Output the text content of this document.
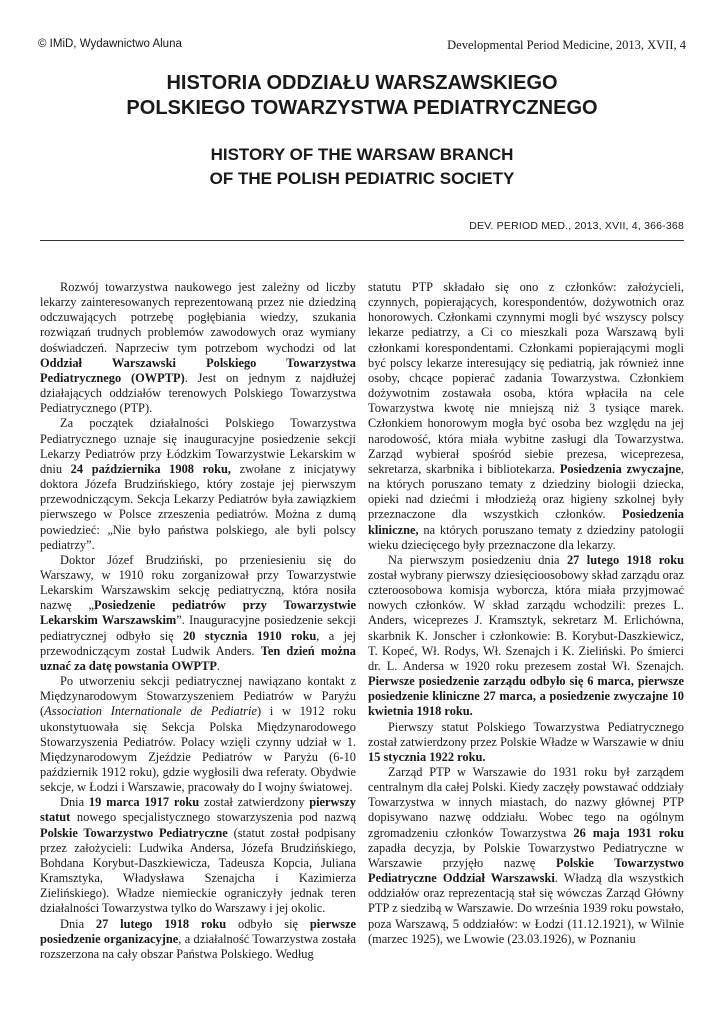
© IMiD, Wydawnictwo Aluna	Developmental Period Medicine, 2013, XVII, 4
HISTORIA ODDZIAŁU WARSZAWSKIEGO
POLSKIEGO TOWARZYSTWA PEDIATRYCZNEGO
HISTORY OF THE WARSAW BRANCH
OF THE POLISH PEDIATRIC SOCIETY
DEV. PERIOD MED., 2013, XVII, 4, 366-368

Rozwój towarzystwa naukowego jest zależny od liczby lekarzy zainteresowanych reprezentowaną przez nie dziedziną odczuwających potrzebę pogłębiania wiedzy, szukania rozwiązań trudnych problemów zawodowych oraz wymiany doświadczeń. Naprzeciw tym potrzebom wychodzi od lat Oddział Warszawski Polskiego Towarzystwa Pediatrycznego (OWPTP). Jest on jednym z najdłużej działających oddziałów terenowych Polskiego Towarzystwa Pediatrycznego (PTP).

Za początek działalności Polskiego Towarzystwa Pediatrycznego uznaje się inauguracyjne posiedzenie sekcji Lekarzy Pediatrów przy Łódzkim Towarzystwie Lekarskim w dniu 24 października 1908 roku, zwołane z inicjatywy doktora Józefa Brudzińskiego, który zostaje jej pierwszym przewodniczącym. Sekcja Lekarzy Pediatrów była zawiązkiem pierwszego w Polsce zrzeszenia pediatrów. Można z dumą powiedzieć: „Nie było państwa polskiego, ale byli polscy pediatrzy”.

Doktor Józef Brudziński, po przeniesieniu się do Warszawy, w 1910 roku zorganizował przy Towarzystwie Lekarskim Warszawskim sekcję pediatryczną, która nosiła nazwę „Posiedzenie pediatrów przy Towarzystwie Lekarskim Warszawskim”. Inauguracyjne posiedzenie sekcji pediatrycznej odbyło się 20 stycznia 1910 roku, a jej przewodniczącym został Ludwik Anders. Ten dzień można uznać za datę powstania OWPTP.

Po utworzeniu sekcji pediatrycznej nawiązano kontakt z Międzynarodowym Stowarzyszeniem Pediatrów w Paryżu (Association Internationale de Pediatrie) i w 1912 roku ukonstytuowała się Sekcja Polska Międzynarodowego Stowarzyszenia Pediatrów. Polacy wzięli czynny udział w 1. Międzynarodowym Zjeździe Pediatrów w Paryżu (6-10 październik 1912 roku), gdzie wygłosili dwa referaty. Obydwie sekcje, w Łodzi i Warszawie, pracowały do I wojny światowej.

Dnia 19 marca 1917 roku został zatwierdzony pierwszy statut nowego specjalistycznego stowarzyszenia pod nazwą Polskie Towarzystwo Pediatryczne (statut został podpisany przez założycieli: Ludwika Andersa, Józefa Brudzińskiego, Bohdana Korybut-Daszkiewicza, Tadeusza Kopcia, Juliana Kramsztyka, Władysława Szenajcha i Kazimierza Zielińskiego). Władze niemieckie ograniczyły jednak teren działalności Towarzystwa tylko do Warszawy i jej okolic.

Dnia 27 lutego 1918 roku odbyło się pierwsze posiedzenie organizacyjne, a działalność Towarzystwa została rozszerzona na cały obszar Państwa Polskiego. Według

statutu PTP składało się ono z członków: założycieli, czynnych, popierających, korespondentów, dożywotnich oraz honorowych. Członkami czynnymi mogli być wszyscy polscy lekarze pediatrzy, a Ci co mieszkali poza Warszawą byli członkami korespondentami. Członkami popierającymi mogli być polscy lekarze interesujący się pediatrią, jak również inne osoby, chcące popierać zadania Towarzystwa. Członkiem dożywotnim zostawała osoba, która wpłaciła na cele Towarzystwa kwotę nie mniejszą niż 3 tysiące marek. Członkiem honorowym mogła być osoba bez względu na jej narodowość, która miała wybitne zasługi dla Towarzystwa. Zarząd wybierał spośród siebie prezesa, wiceprezesa, sekretarza, skarbnika i bibliotekarza. Posiedzenia zwyczajne, na których poruszano tematy z dziedziny biologii dziecka, opieki nad dziećmi i młodzieżą oraz higieny szkolnej były przeznaczone dla wszystkich członków. Posiedzenia kliniczne, na których poruszano tematy z dziedziny patologii wieku dziecięcego były przeznaczone dla lekarzy.

Na pierwszym posiedzeniu dnia 27 lutego 1918 roku został wybrany pierwszy dziesięcioosobowy skład zarządu oraz czteroosobowa komisja wyborcza, która miała przyjmować nowych członków. W skład zarządu wchodzili: prezes L. Anders, wiceprezes J. Kramsztyk, sekretarz M. Erlichówna, skarbnik K. Jonscher i członkowie: B. Korybut-Daszkiewicz, T. Kopeć, Wł. Rodys, Wł. Szenajch i K. Zieliński. Po śmierci dr. L. Andersa w 1920 roku prezesem został Wł. Szenajch. Pierwsze posiedzenie zarządu odbyło się 6 marca, pierwsze posiedzenie kliniczne 27 marca, a posiedzenie zwyczajne 10 kwietnia 1918 roku.

Pierwszy statut Polskiego Towarzystwa Pediatrycznego został zatwierdzony przez Polskie Władze w Warszawie w dniu 15 stycznia 1922 roku.

Zarząd PTP w Warszawie do 1931 roku był zarządem centralnym dla całej Polski. Kiedy zaczęły powstawać oddziały Towarzystwa w innych miastach, do nazwy głównej PTP dopisywano nazwę oddziału. Wobec tego na ogólnym zgromadzeniu członków Towarzystwa 26 maja 1931 roku zapadła decyzja, by Polskie Towarzystwo Pediatryczne w Warszawie przyjęło nazwę Polskie Towarzystwo Pediatryczne Oddział Warszawski. Władzą dla wszystkich oddziałów oraz reprezentacją stał się wówczas Zarząd Główny PTP z siedzibą w Warszawie. Do września 1939 roku powstało, poza Warszawą, 5 oddziałów: w Łodzi (11.12.1921), w Wilnie (marzec 1925), we Lwowie (23.03.1926), w Poznaniu
